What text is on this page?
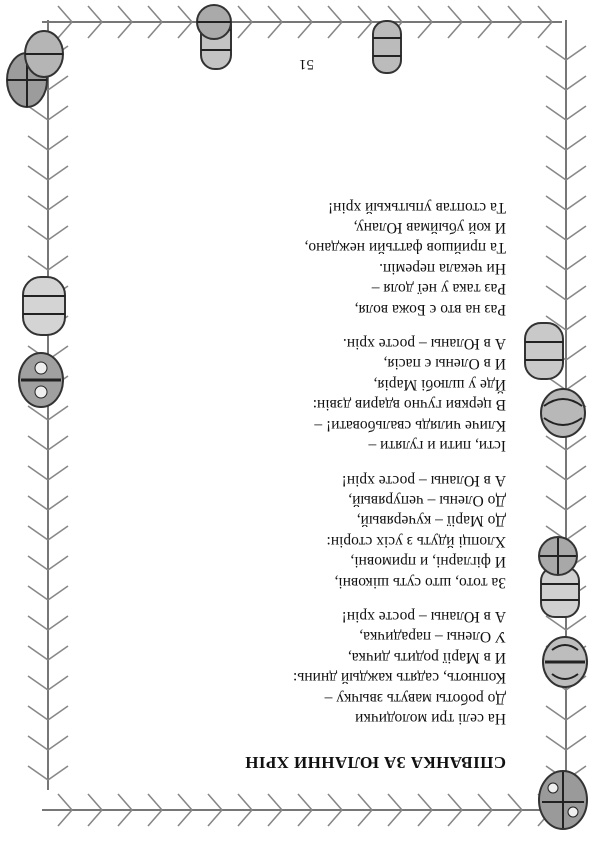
СПІВАНКА ЗА ЮЛАННИ ХРІН
На селі три молодички
До роботы мавуть звычку –
Копнють, садять каждый днинь:
И в Марії родить дичка,
У Олены – парадичка,
А в Юланы – росте хрін!
За тото, што суть шіковні,
И фігларні, и примовні,
Хлопці йдуть з усіх сторін:
До Марії – кучерявый,
До Олены – чепурявый,
А в Юланы – росте хрін!
Істи, пити и гуляти –
Кличе чилядь свальбовати! –
В церкви гучно вдарив дзвін:
Йде у шлюбі Марія,
И в Олены є пасія,
А в Юланы – росте хрін.
Раз на вто є Божа воля,
Раз така у неї доля –
Ни чекала переміп.
Та прийшов фаттьйи нежданo,
И кой убыймав Юлану,
Та стоптав упытькый хрін!
51
